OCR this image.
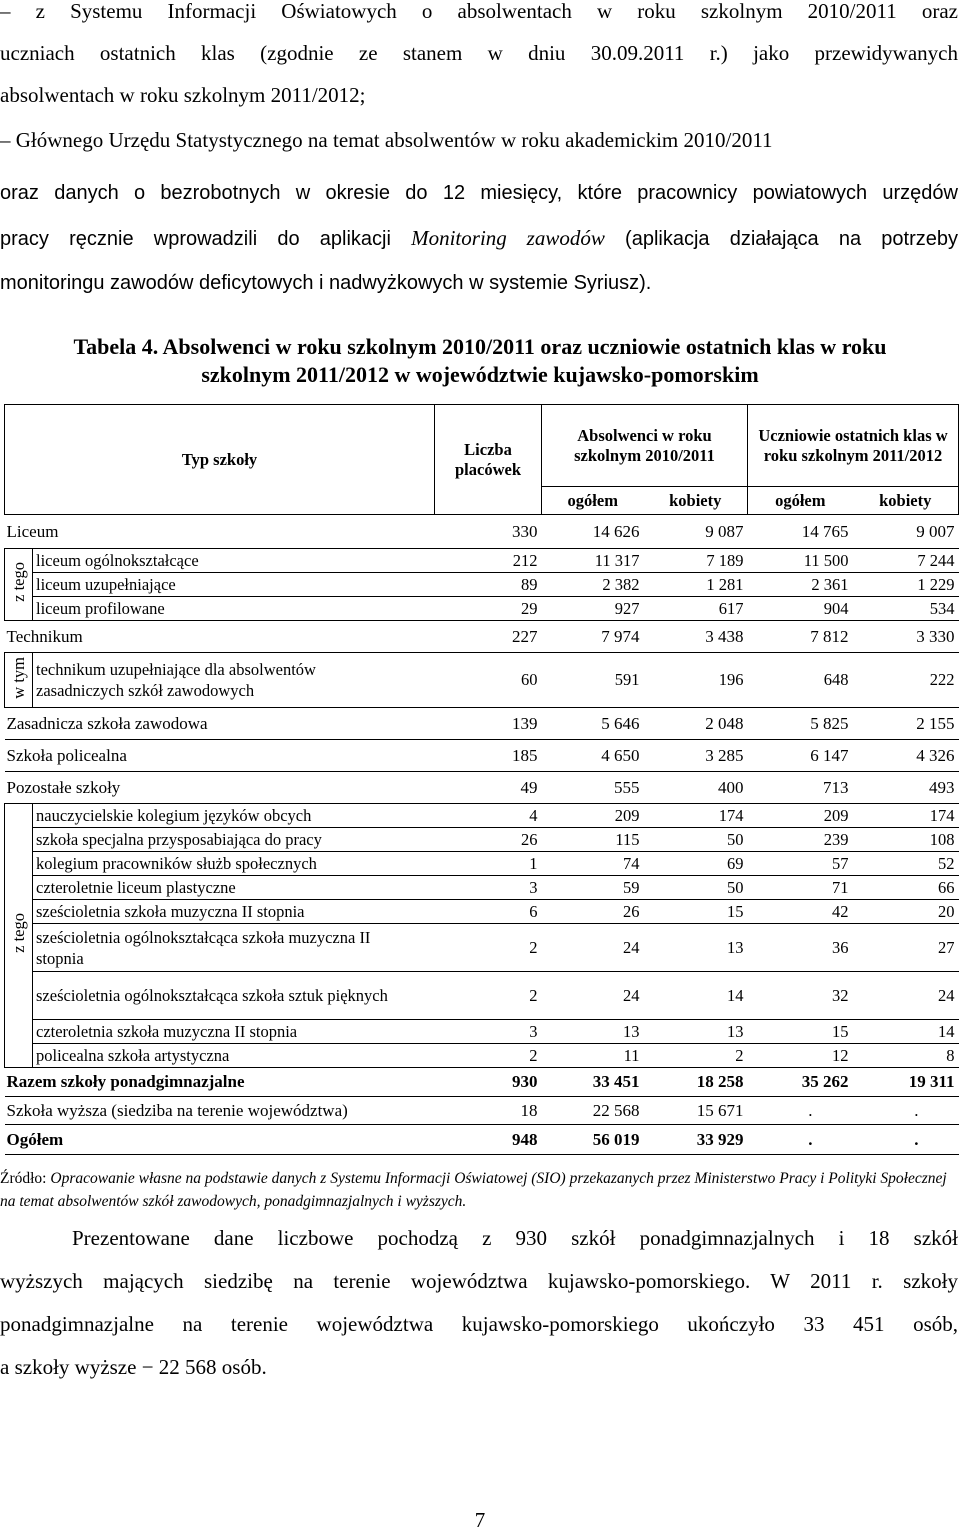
– z Systemu Informacji Oświatowych o absolwentach w roku szkolnym 2010/2011 oraz
uczniach ostatnich klas (zgodnie ze stanem w dniu 30.09.2011 r.) jako przewidywanych
absolwentach w roku szkolnym 2011/2012;
– Głównego Urzędu Statystycznego na temat absolwentów w roku akademickim 2010/2011
oraz danych o bezrobotnych w okresie do 12 miesięcy, które pracownicy powiatowych urzędów
pracy ręcznie wprowadzili do aplikacji Monitoring zawodów (aplikacja działająca na potrzeby
monitoringu zawodów deficytowych i nadwyżkowych w systemie Syriusz).
Tabela 4. Absolwenci w roku szkolnym 2010/2011 oraz uczniowie ostatnich klas w roku
szkolnym 2011/2012 w województwie kujawsko-pomorskim
Typ szkoły		Liczba placówek	Absolwenci w roku szkolnym 2010/2011		Uczniowie ostatnich klas w roku szkolnym 2011/2012	
			ogółem	kobiety	ogółem	kobiety
Liceum		330	14 626	9 087	14 765	9 007
z tego	liceum ogólnokształcące	212	11 317	7 189	11 500	7 244
	liceum uzupełniające	89	2 382	1 281	2 361	1 229
	liceum profilowane	29	927	617	904	534
Technikum		227	7 974	3 438	7 812	3 330
w tym	technikum uzupełniające dla absolwentów zasadniczych szkół zawodowych	60	591	196	648	222
Zasadnicza szkoła zawodowa		139	5 646	2 048	5 825	2 155
Szkoła policealna		185	4 650	3 285	6 147	4 326
Pozostałe szkoły		49	555	400	713	493
z tego	nauczycielskie kolegium języków obcych	4	209	174	209	174
	szkoła specjalna przysposabiająca do pracy	26	115	50	239	108
	kolegium pracowników służb społecznych	1	74	69	57	52
	czteroletnie liceum plastyczne	3	59	50	71	66
	sześcioletnia szkoła muzyczna II stopnia	6	26	15	42	20
	sześcioletnia ogólnokształcąca szkoła muzyczna II stopnia	2	24	13	36	27
	sześcioletnia ogólnokształcąca szkoła sztuk pięknych	2	24	14	32	24
	czteroletnia szkoła muzyczna II stopnia	3	13	13	15	14
	policealna szkoła artystyczna	2	11	2	12	8
Razem szkoły ponadgimnazjalne		930	33 451	18 258	35 262	19 311
Szkoła wyższa (siedziba na terenie województwa)		18	22 568	15 671	.	.
Ogółem		948	56 019	33 929	.	.
Źródło: Opracowanie własne na podstawie danych z Systemu Informacji Oświatowej (SIO) przekazanych przez Ministerstwo Pracy i Polityki Społecznej na temat absolwentów szkół zawodowych, ponadgimnazjalnych i wyższych.
Prezentowane dane liczbowe pochodzą z 930 szkół ponadgimnazjalnych i 18 szkół
wyższych mających siedzibę na terenie województwa kujawsko-pomorskiego. W 2011 r. szkoły
ponadgimnazjalne na terenie województwa kujawsko-pomorskiego ukończyło 33 451 osób,
a szkoły wyższe − 22 568 osób.
7
